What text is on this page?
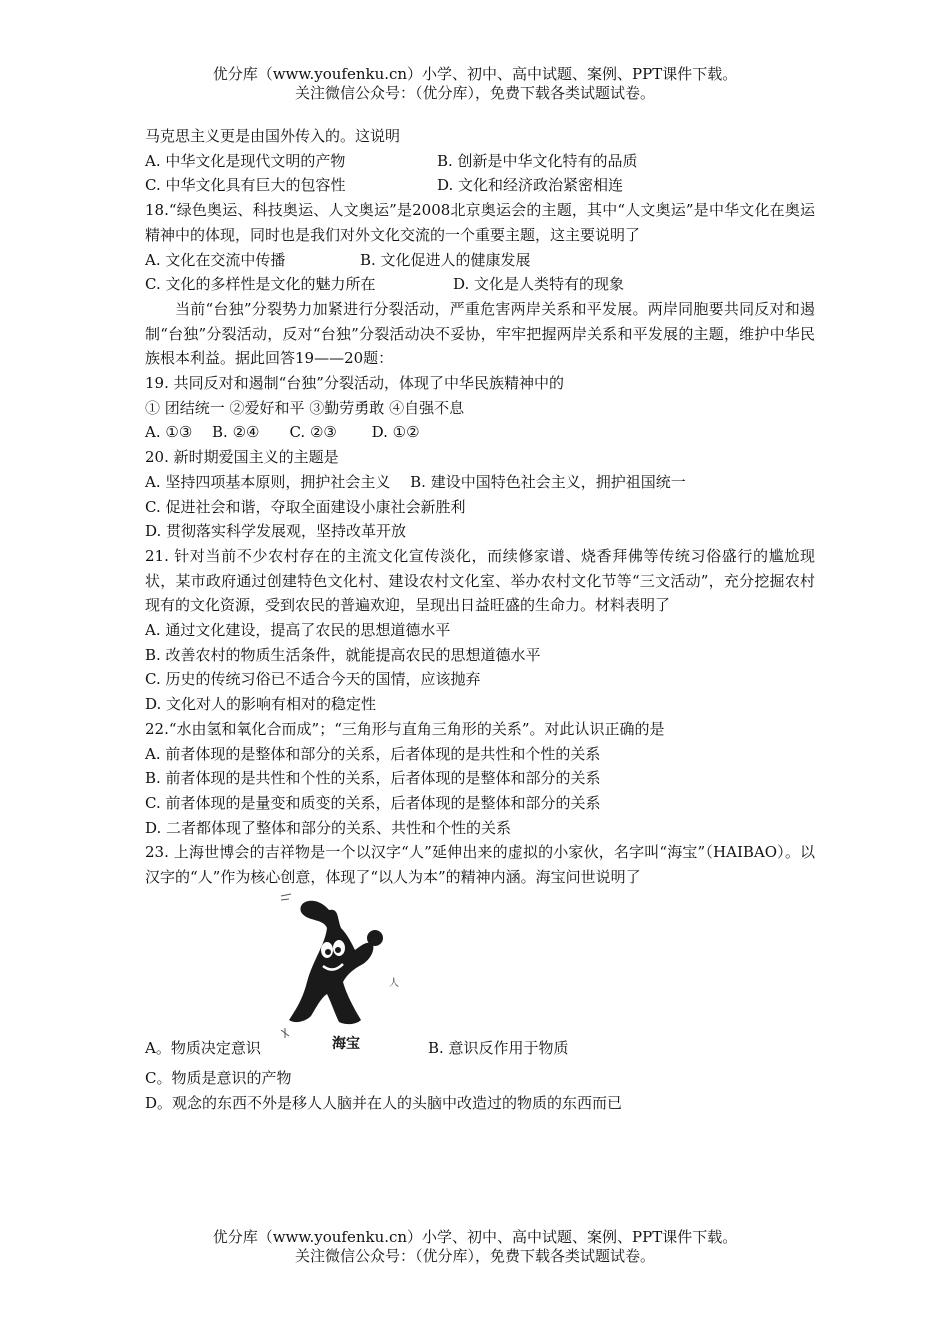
优分库（www.youfenku.cn）小学、初中、高中试题、案例、PPT课件下载。
关注微信公众号：（优分库），免费下载各类试题试卷。

马克思主义更是由国外传入的。这说明

A. 中华文化是现代文明的产物	B. 创新是中华文化特有的品质
C. 中华文化具有巨大的包容性	D. 文化和经济政治紧密相连

18.“绿色奥运、科技奥运、人文奥运”是2008北京奥运会的主题，其中“人文奥运”是中华文化在奥运精神中的体现，同时也是我们对外文化交流的一个重要主题，这主要说明了

A. 文化在交流中传播	B. 文化促进人的健康发展
C. 文化的多样性是文化的魅力所在	D. 文化是人类特有的现象

当前“台独”分裂势力加紧进行分裂活动，严重危害两岸关系和平发展。两岸同胞要共同反对和遏制“台独”分裂活动，反对“台独”分裂活动决不妥协，牢牢把握两岸关系和平发展的主题，维护中华民族根本利益。据此回答19——20题：

19. 共同反对和遏制“台独”分裂活动，体现了中华民族精神中的

① 团结统一 ②爱好和平 ③勤劳勇敢 ④自强不息

A. ①③　 B. ②④　　C. ②③　　 D. ①②

20. 新时期爱国主义的主题是

A. 坚持四项基本原则，拥护社会主义　 B. 建设中国特色社会主义，拥护祖国统一

C. 促进社会和谐，夺取全面建设小康社会新胜利

D. 贯彻落实科学发展观，坚持改革开放

21. 针对当前不少农村存在的主流文化宣传淡化，而续修家谱、烧香拜佛等传统习俗盛行的尴尬现状，某市政府通过创建特色文化村、建设农村文化室、举办农村文化节等“三文活动”，充分挖掘农村现有的文化资源，受到农民的普遍欢迎，呈现出日益旺盛的生命力。材料表明了

A. 通过文化建设，提高了农民的思想道德水平

B. 改善农村的物质生活条件，就能提高农民的思想道德水平

C. 历史的传统习俗已不适合今天的国情，应该抛弃

D. 文化对人的影响有相对的稳定性

22.“水由氢和氧化合而成”；“三角形与直角三角形的关系”。对此认识正确的是

A. 前者体现的是整体和部分的关系，后者体现的是共性和个性的关系

B. 前者体现的是共性和个性的关系，后者体现的是整体和部分的关系

C. 前者体现的是量变和质变的关系，后者体现的是整体和部分的关系

D. 二者都体现了整体和部分的关系、共性和个性的关系

23. 上海世博会的吉祥物是一个以汉字“人”延伸出来的虚拟的小家伙，名字叫“海宝”（HAIBAO）。以汉字的“人”作为核心创意，体现了“以人为本”的精神内涵。海宝问世说明了

人
海宝
A。物质决定意识	B. 意识反作用于物质

C。物质是意识的产物

D。观念的东西不外是移人人脑并在人的头脑中改造过的物质的东西而已

优分库（www.youfenku.cn）小学、初中、高中试题、案例、PPT课件下载。
关注微信公众号：（优分库），免费下载各类试题试卷。
